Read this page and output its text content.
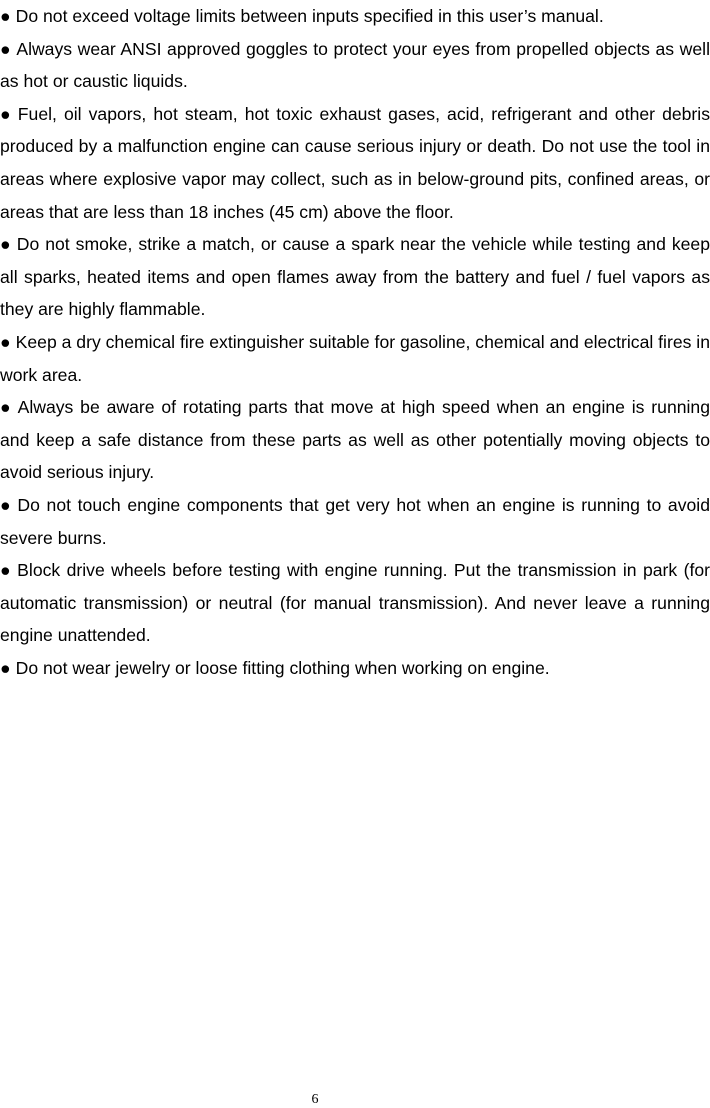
● Do not exceed voltage limits between inputs specified in this user’s manual.
● Always wear ANSI approved goggles to protect your eyes from propelled objects as well as hot or caustic liquids.
● Fuel, oil vapors, hot steam, hot toxic exhaust gases, acid, refrigerant and other debris produced by a malfunction engine can cause serious injury or death. Do not use the tool in areas where explosive vapor may collect, such as in below-ground pits, confined areas, or areas that are less than 18 inches (45 cm) above the floor.
● Do not smoke, strike a match, or cause a spark near the vehicle while testing and keep all sparks, heated items and open flames away from the battery and fuel / fuel vapors as they are highly flammable.
● Keep a dry chemical fire extinguisher suitable for gasoline, chemical and electrical fires in work area.
● Always be aware of rotating parts that move at high speed when an engine is running and keep a safe distance from these parts as well as other potentially moving objects to avoid serious injury.
● Do not touch engine components that get very hot when an engine is running to avoid severe burns.
● Block drive wheels before testing with engine running. Put the transmission in park (for automatic transmission) or neutral (for manual transmission). And never leave a running engine unattended.
● Do not wear jewelry or loose fitting clothing when working on engine.
6
